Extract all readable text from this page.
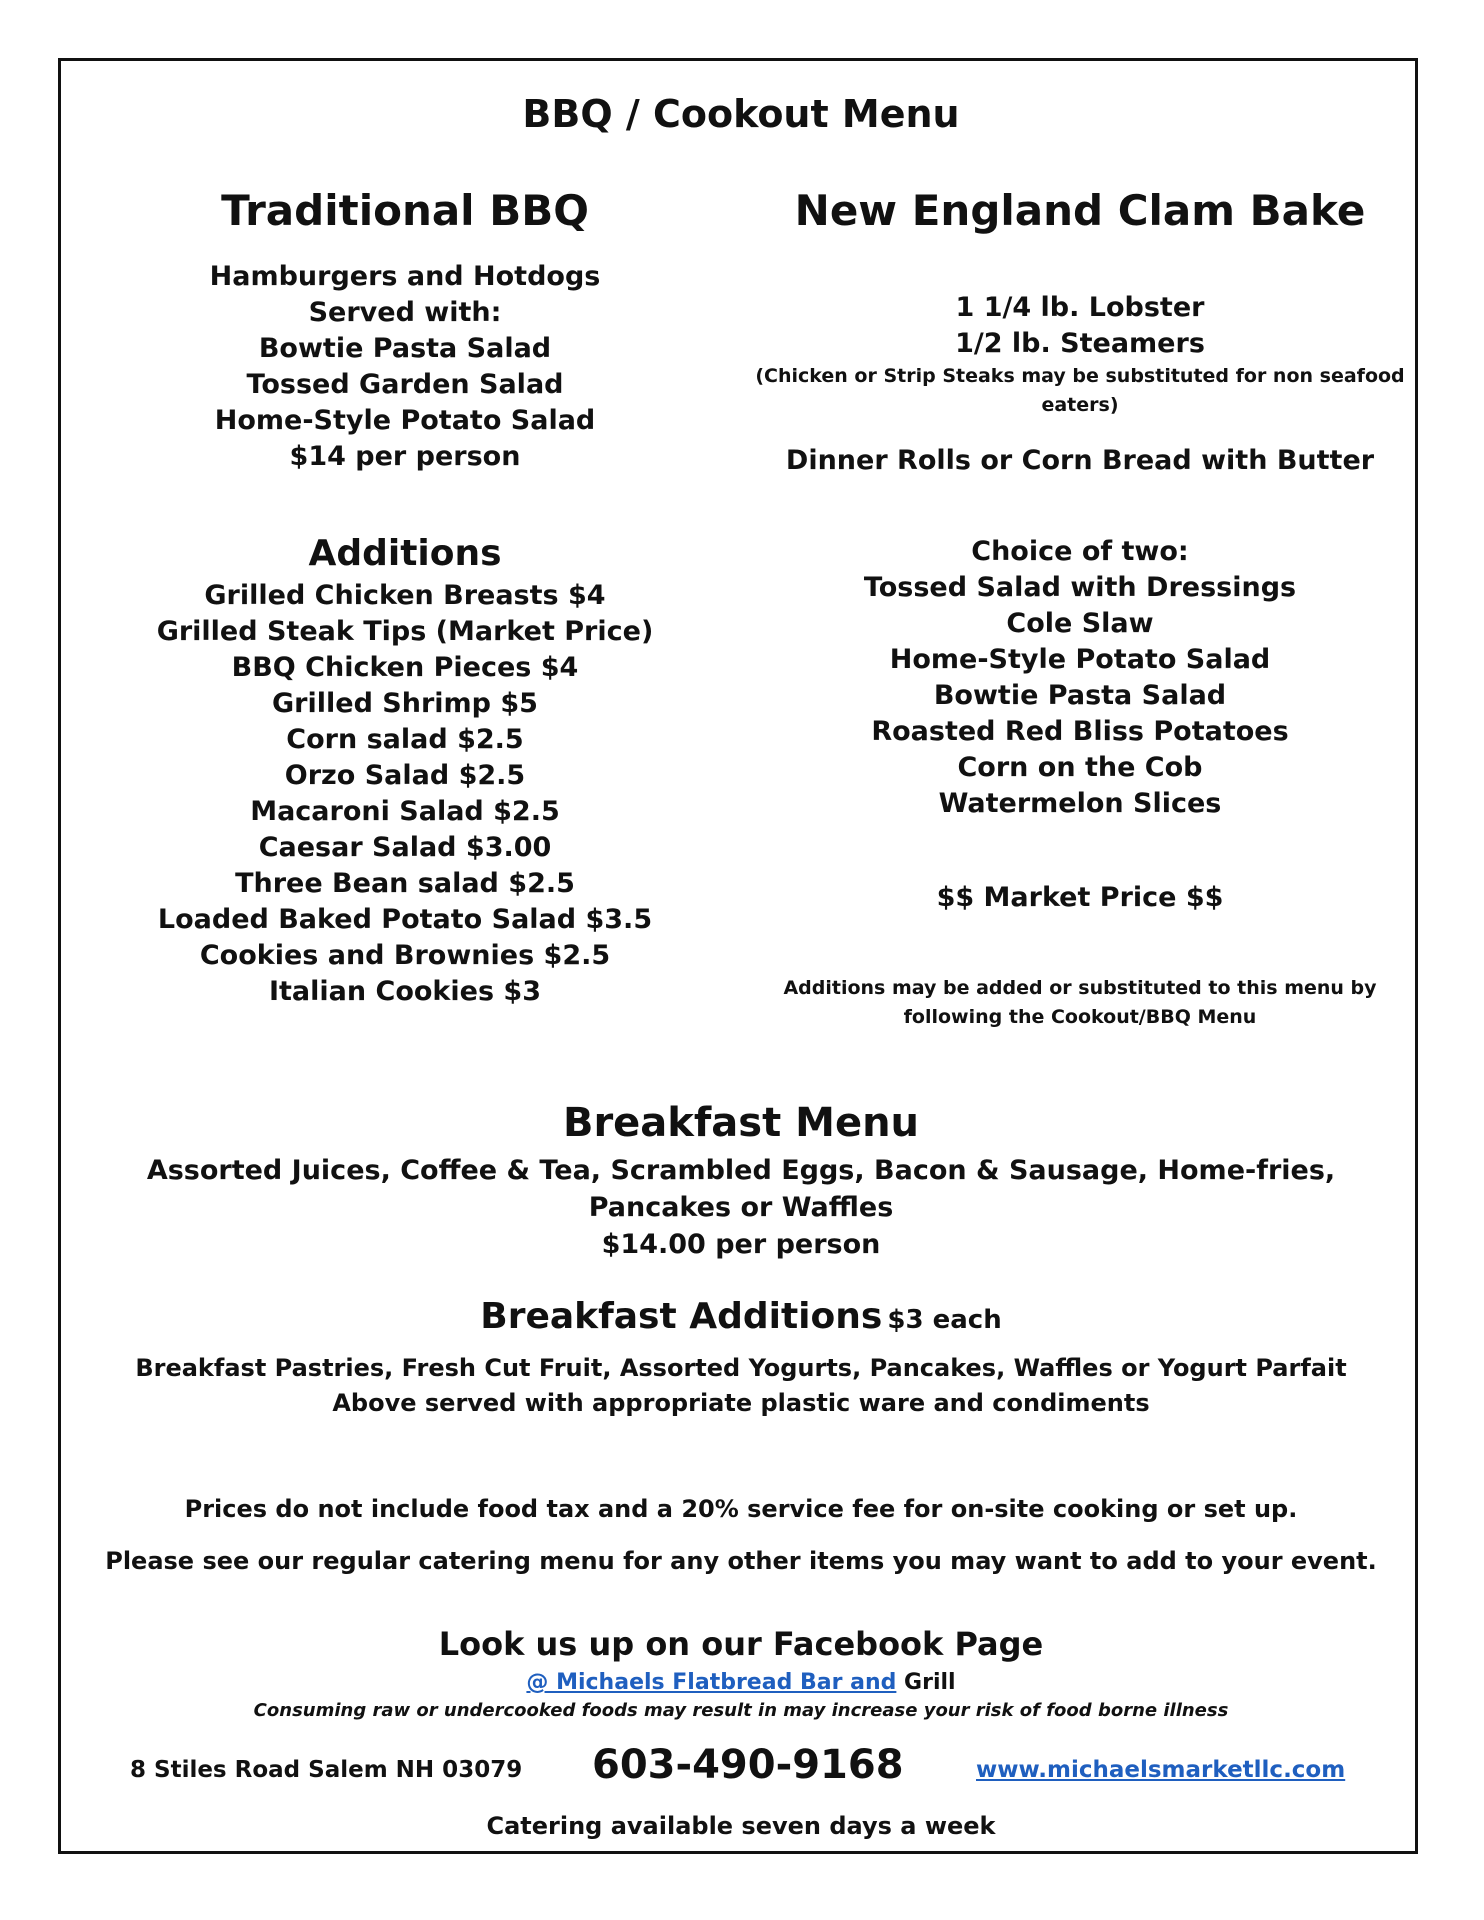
BBQ / Cookout Menu
Traditional BBQ
Hamburgers and Hotdogs
Served with:
Bowtie Pasta Salad
Tossed Garden Salad
Home-Style Potato Salad
$14 per person
Additions
Grilled Chicken Breasts $4
Grilled Steak Tips (Market Price)
BBQ Chicken Pieces $4
Grilled Shrimp $5
Corn salad $2.5
Orzo Salad $2.5
Macaroni Salad $2.5
Caesar Salad $3.00
Three Bean salad $2.5
Loaded Baked Potato Salad $3.5
Cookies and Brownies $2.5
Italian Cookies $3
New England Clam Bake
1 1/4 lb. Lobster
1/2 lb. Steamers
(Chicken or Strip Steaks may be substituted for non seafood eaters)
Dinner Rolls or Corn Bread with Butter
Choice of two:
Tossed Salad with Dressings
Cole Slaw
Home-Style Potato Salad
Bowtie Pasta Salad
Roasted Red Bliss Potatoes
Corn on the Cob
Watermelon Slices
$$ Market Price $$
Additions may be added or substituted to this menu by
following the Cookout/BBQ Menu
Breakfast Menu
Assorted Juices, Coffee & Tea, Scrambled Eggs, Bacon & Sausage, Home-fries,
Pancakes or Waffles
$14.00 per person
Breakfast Additions $3 each
Breakfast Pastries, Fresh Cut Fruit, Assorted Yogurts, Pancakes, Waffles or Yogurt Parfait
Above served with appropriate plastic ware and condiments
Prices do not include food tax and a 20% service fee for on-site cooking or set up.
Please see our regular catering menu for any other items you may want to add to your event.
Look us up on our Facebook Page
@ Michaels Flatbread Bar and Grill
Consuming raw or undercooked foods may result in may increase your risk of food borne illness
8 Stiles Road Salem NH 03079 603-490-9168	www.michaelsmarketllc.com
Catering available seven days a week
